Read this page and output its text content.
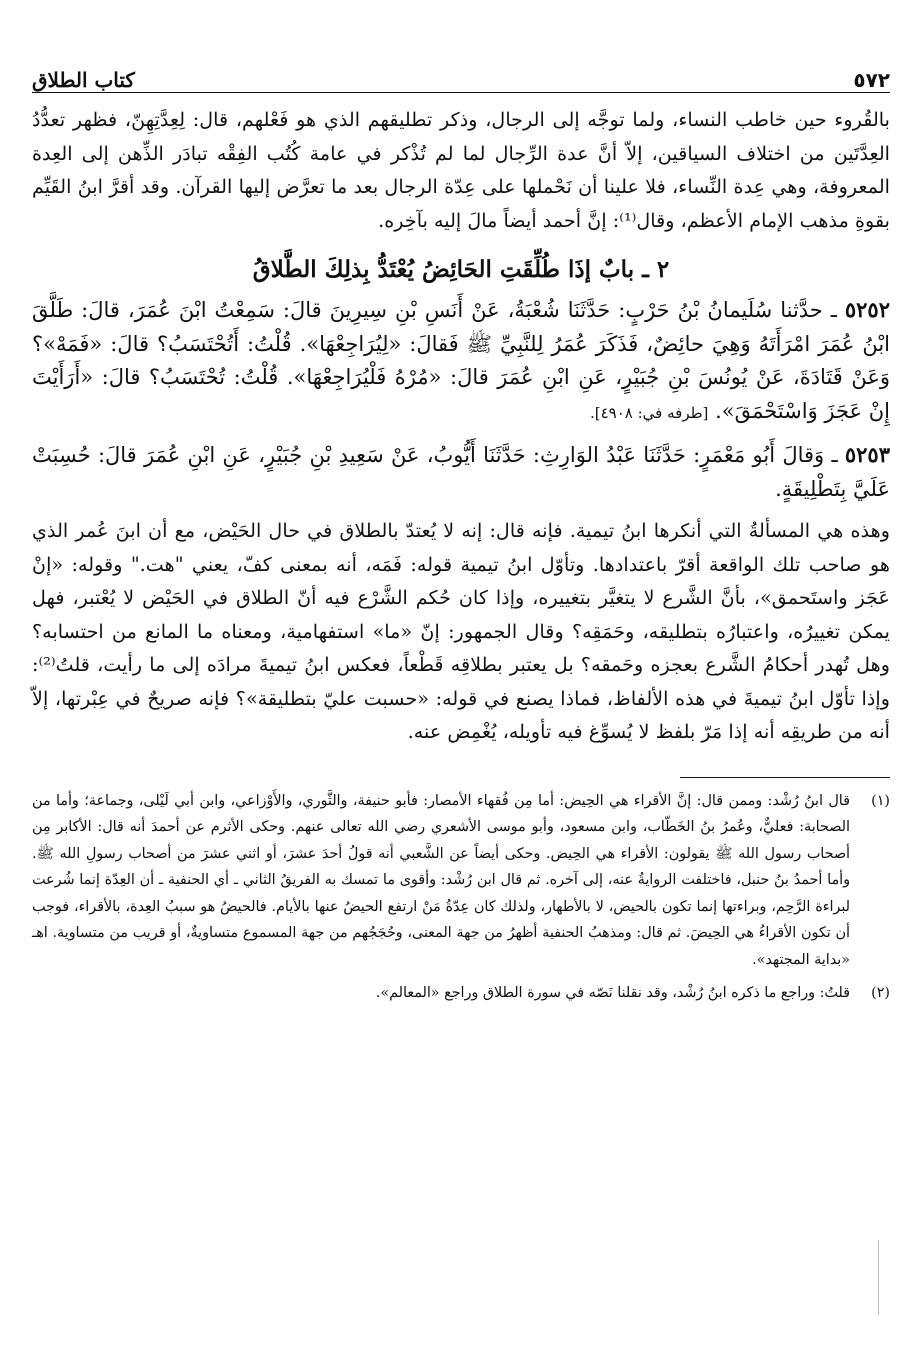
٥٧٢
كتاب الطلاق

بالقُروء حين خاطب النساء، ولما توجَّه إلى الرجال، وذكر تطليقهم الذي هو فَعْلهم، قال: لِعِدَّتِهِنّ، فظهر تعدُّدُ العِدَّتَين من اختلاف السياقين، إلاّ أنَّ عدة الرِّجال لما لم تُذْكر في عامة كُتُب الفِقْه تبادَر الذِّهن إلى العِدة المعروفة، وهي عِدة النِّساء، فلا علينا أن نَحْملها على عِدّة الرجال بعد ما تعرَّض إليها القرآن. وقد أقرَّ ابنُ القَيِّم بقوةِ مذهب الإمام الأعظم، وقال⁽¹⁾: إنَّ أحمد أيضاً مالَ إليه بآخِره.

٢ ـ بابٌ إذَا طُلِّقَتِ الحَائِضُ يُعْتَدُّ بِذلِكَ الطَّلاقُ

٥٢٥٢ ـ حدَّثنا سُلَيمانُ بْنُ حَرْبٍ: حَدَّثَنَا شُعْبَةُ، عَنْ أَنَسِ بْنِ سِيرِينَ قالَ: سَمِعْتُ ابْنَ عُمَرَ، قالَ: طَلَّقَ ابْنُ عُمَرَ امْرَأَتَهُ وَهِيَ حائِضٌ، فَذَكَرَ عُمَرُ لِلنَّبِيِّ ﷺ فَقالَ: «لِيُرَاجِعْهَا». قُلْتُ: أَتُحْتَسَبُ؟ قالَ: «فَمَهْ»؟ وَعَنْ قَتَادَةَ، عَنْ يُونُسَ بْنِ جُبَيْرٍ، عَنِ ابْنِ عُمَرَ قالَ: «مُرْهُ فَلْيُرَاجِعْهَا». قُلْتُ: تُحْتَسَبُ؟ قالَ: «أَرَأَيْتَ إِنْ عَجَزَ وَاسْتَحْمَقَ». [طرفه في: ٤٩٠٨].

٥٢٥٣ ـ وَقالَ أَبُو مَعْمَرٍ: حَدَّثَنَا عَبْدُ الوَارِثِ: حَدَّثَنَا أَيُّوبُ، عَنْ سَعِيدِ بْنِ جُبَيْرٍ، عَنِ ابْنِ عُمَرَ قالَ: حُسِبَتْ عَلَيَّ بِتَطْلِيقَةٍ.

وهذه هي المسألةُ التي أنكرها ابنُ تيمية. فإنه قال: إنه لا يُعتدّ بالطلاق في حال الحَيْض، مع أن ابنَ عُمر الذي هو صاحب تلك الواقعة أقرّ باعتدادها. وتأوّل ابنُ تيمية قوله: فَمَه، أنه بمعنى كفّ، يعني "هت." وقوله: «إنْ عَجَز واستَحمق»، بأنَّ الشَّرع لا يتغيَّر بتغييره، وإذا كان حُكم الشَّرْع فيه أنّ الطلاق في الحَيْض لا يُعْتبر، فهل يمكن تغييرُه، واعتبارُه بتطليقه، وحَمَقِه؟ وقال الجمهور: إنّ «ما» استفهامية، ومعناه ما المانع من احتسابه؟ وهل تُهدر أحكامُ الشَّرع بعجزه وحَمقه؟ بل يعتبر بطلاقِه قَطْعاً، فعكس ابنُ تيميةَ مرادَه إلى ما رأيت، قلتُ⁽²⁾: وإذا تأوّل ابنُ تيميةَ في هذه الألفاظ، فماذا يصنع في قوله: «حسبت عليّ بتطليقة»؟ فإنه صريحٌ في عِبْرتها، إلاّ أنه من طريقِه أنه إذا مَرّ بلفظ لا يُسوِّغ فيه تأويله، يُغْمِض عنه.

(١)
قال ابنُ رُشْد: وممن قال: إنَّ الأقراء هي الحِيض: أما مِن فُقهاء الأمصار: فأبو حنيفة، والثَّوري، والأَوْزاعي، وابن أبي لَيْلى، وجماعة؛ وأما من الصحابة: فعليٌّ، وعُمرُ بنُ الخَطّاب، وابن مسعود، وأبو موسى الأشعري رضي الله تعالى عنهم. وحكى الأثرم عن أحمدَ أنه قال: الأكابر مِن أصحاب رسول الله ﷺ يقولون: الأقراء هي الحِيض. وحكى أيضاً عن الشَّعبي أنه قولُ أحدَ عشرَ، أو اثني عشرَ من أصحاب رسولِ الله ﷺ. وأما أحمدُ بنُ حنبل، فاختلفت الروايةُ عنه، إلى آخره. ثم قال ابن رُشْد: وأقوى ما تمسك به الفريقُ الثاني ـ أي الحنفية ـ أن العِدّة إنما شُرعت لبراءة الرَّحِم، وبراءتها إنما تكون بالحيض، لا بالأطهار، ولذلك كان عِدّةُ مَنْ ارتفع الحيضُ عنها بالأيام. فالحيضُ هو سببُ العِدة، بالأقراء، فوجب أن تكون الأقراءُ هي الحِيضَ. ثم قال: ومذهبُ الحنفية أظهرُ من جهة المعنى، وحُجَجُهم من جهة المسموع متساويةٌ، أو قريب من متساوية. اهـ «بداية المجتهد».
(٢)
قلتُ: وراجع ما ذكره ابنُ رُشْد، وقد نقلنا نَصّه في سورة الطلاق وراجع «المعالم».
